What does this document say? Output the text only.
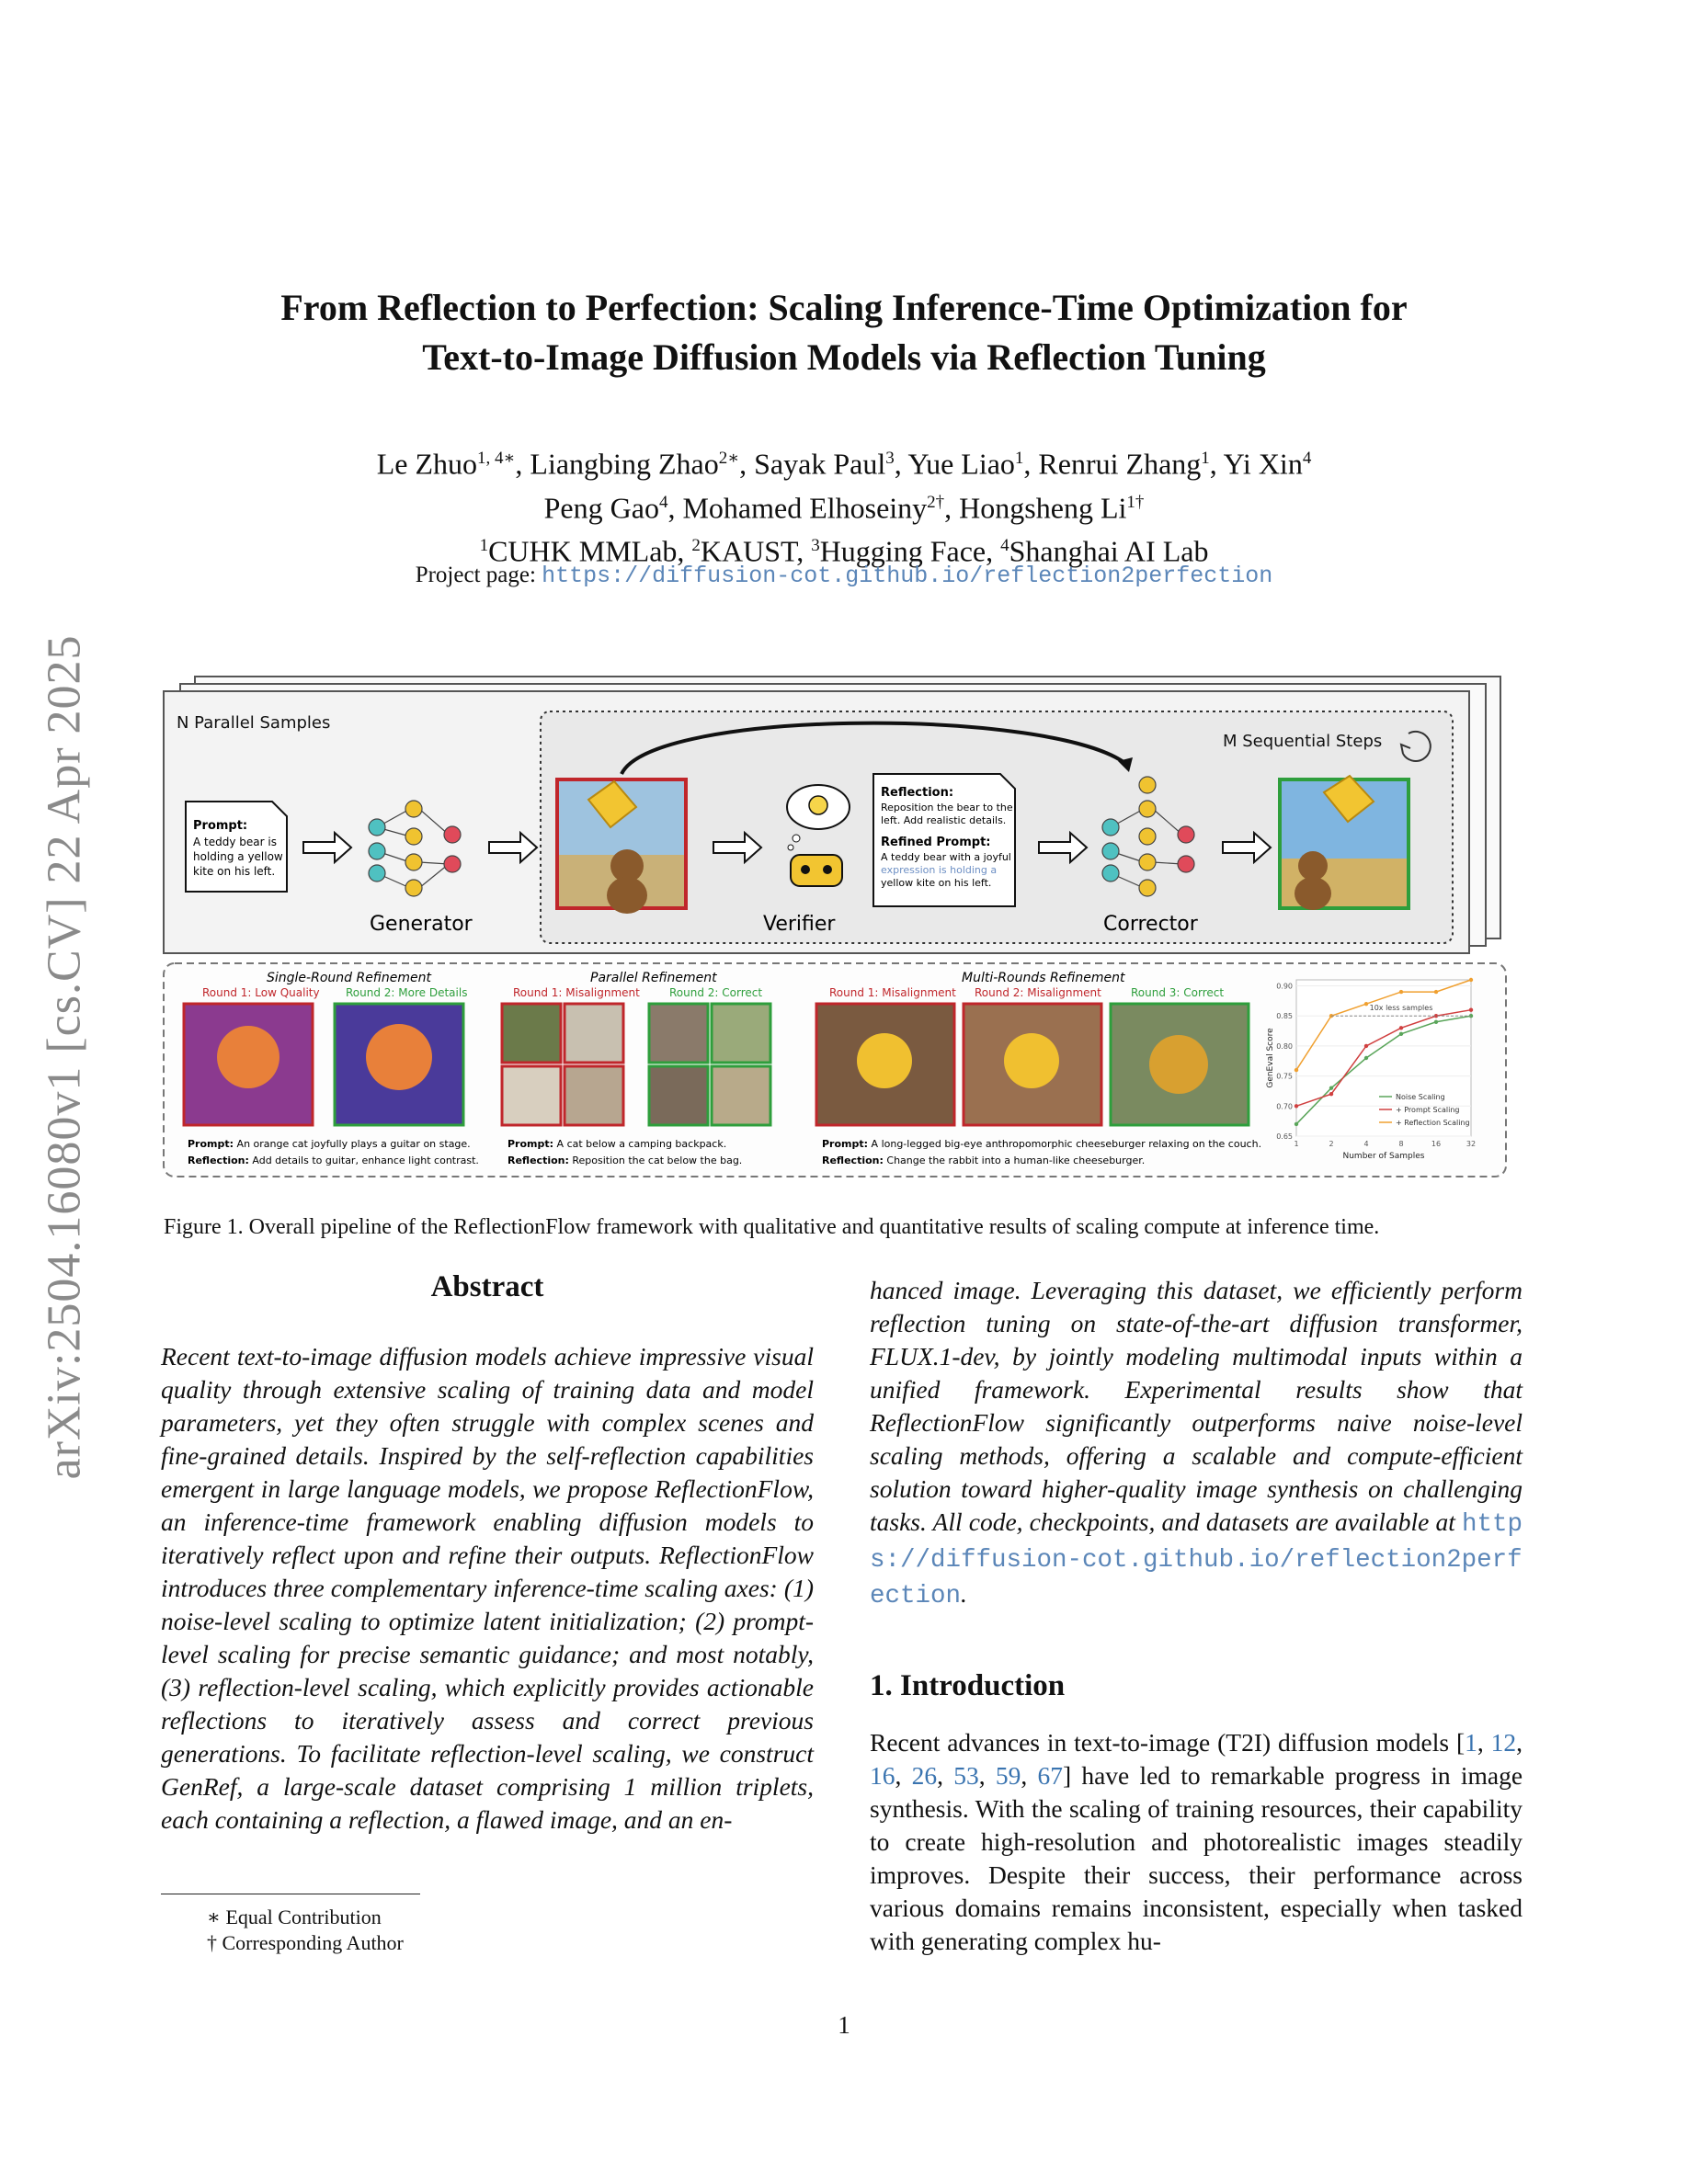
arXiv:2504.16080v1 [cs.CV] 22 Apr 2025
From Reflection to Perfection: Scaling Inference-Time Optimization for
Text-to-Image Diffusion Models via Reflection Tuning
Le Zhuo$^{1, 4∗}$, Liangbing Zhao$^{2∗}$, Sayak Paul$^3$, Yue Liao$^1$, Renrui Zhang$^1$, Yi Xin$^4$
Peng Gao$^4$, Mohamed Elhoseiny$^{2\dagger}$, Hongsheng $Li^{1\dagger}$
$^1$CUHK MMLab, $^2$KAUST, $^3$Hugging Face, $^4$Shanghai AI Lab
Project page: https://diffusion-cot.github.io/reflection2perfection
N Parallel Samples
M Sequential Steps
Prompt:
A teddy bear is
holding a yellow
kite on his left.
Generator	Verifier
Reflection:
Reposition the bear to the
left. Add realistic details.
Refined Prompt:
A teddy bear with a joyful
expression is holding a
yellow kite on his left.
Corrector
Single-Round Refinement
Round 1: Low Quality Round 2: More Details
Prompt: An orange cat joyfully plays a guitar on stage.
Reflection: Add details to guitar, enhance light contrast.
Parallel Refinement
Round 1: Misalignment	Round 2: Correct
Prompt: A cat below a camping backpack.
Reflection: Reposition the cat below the bag.
Multi-Rounds Refinement
Round 1: Misalignment Round 2: Misalignment	Round 3: Correct
Prompt: A long-legged big-eye anthropomorphic cheeseburger relaxing on the couch.
Reflection: Change the rabbit into a human-like cheeseburger.
0.65
0.70
0.75
0.80
0.85
0.90
1	2	4	8	16	32
Number of Samples
GenEval Score
Noise Scaling
+ Prompt Scaling
+ Reflection Scaling
10x less samples
Figure 1. Overall pipeline of the ReflectionFlow framework with qualitative and quantitative results of scaling compute at inference time.
Abstract

Recent text-to-image diffusion models achieve impressive visual quality through extensive scaling of training data and model parameters, yet they often struggle with complex scenes and fine-grained details. Inspired by the self-reflection capabilities emergent in large language models, we propose ReflectionFlow, an inference-time framework enabling diffusion models to iteratively reflect upon and refine their outputs. ReflectionFlow introduces three complementary inference-time scaling axes: (1) noise-level scaling to optimize latent initialization; (2) prompt-level scaling for precise semantic guidance; and most notably, (3) reflection-level scaling, which explicitly provides actionable reflections to iteratively assess and correct previous generations. To facilitate reflection-level scaling, we construct GenRef, a large-scale dataset comprising 1 million triplets, each containing a reflection, a flawed image, and an en-

hanced image. Leveraging this dataset, we efficiently perform reflection tuning on state-of-the-art diffusion transformer, FLUX.1-dev, by jointly modeling multimodal inputs within a unified framework. Experimental results show that ReflectionFlow significantly outperforms naive noise-level scaling methods, offering a scalable and compute-efficient solution toward higher-quality image synthesis on challenging tasks. All code, checkpoints, and datasets are available at https://diffusion-cot.github.io/reflection2perfection.

1. Introduction

Recent advances in text-to-image (T2I) diffusion models [1, 12, 16, 26, 53, 59, 67] have led to remarkable progress in image synthesis. With the scaling of training resources, their capability to create high-resolution and photorealistic images steadily improves. Despite their success, their performance across various domains remains inconsistent, especially when tasked with generating complex hu-

∗ Equal Contribution
† Corresponding Author
1
